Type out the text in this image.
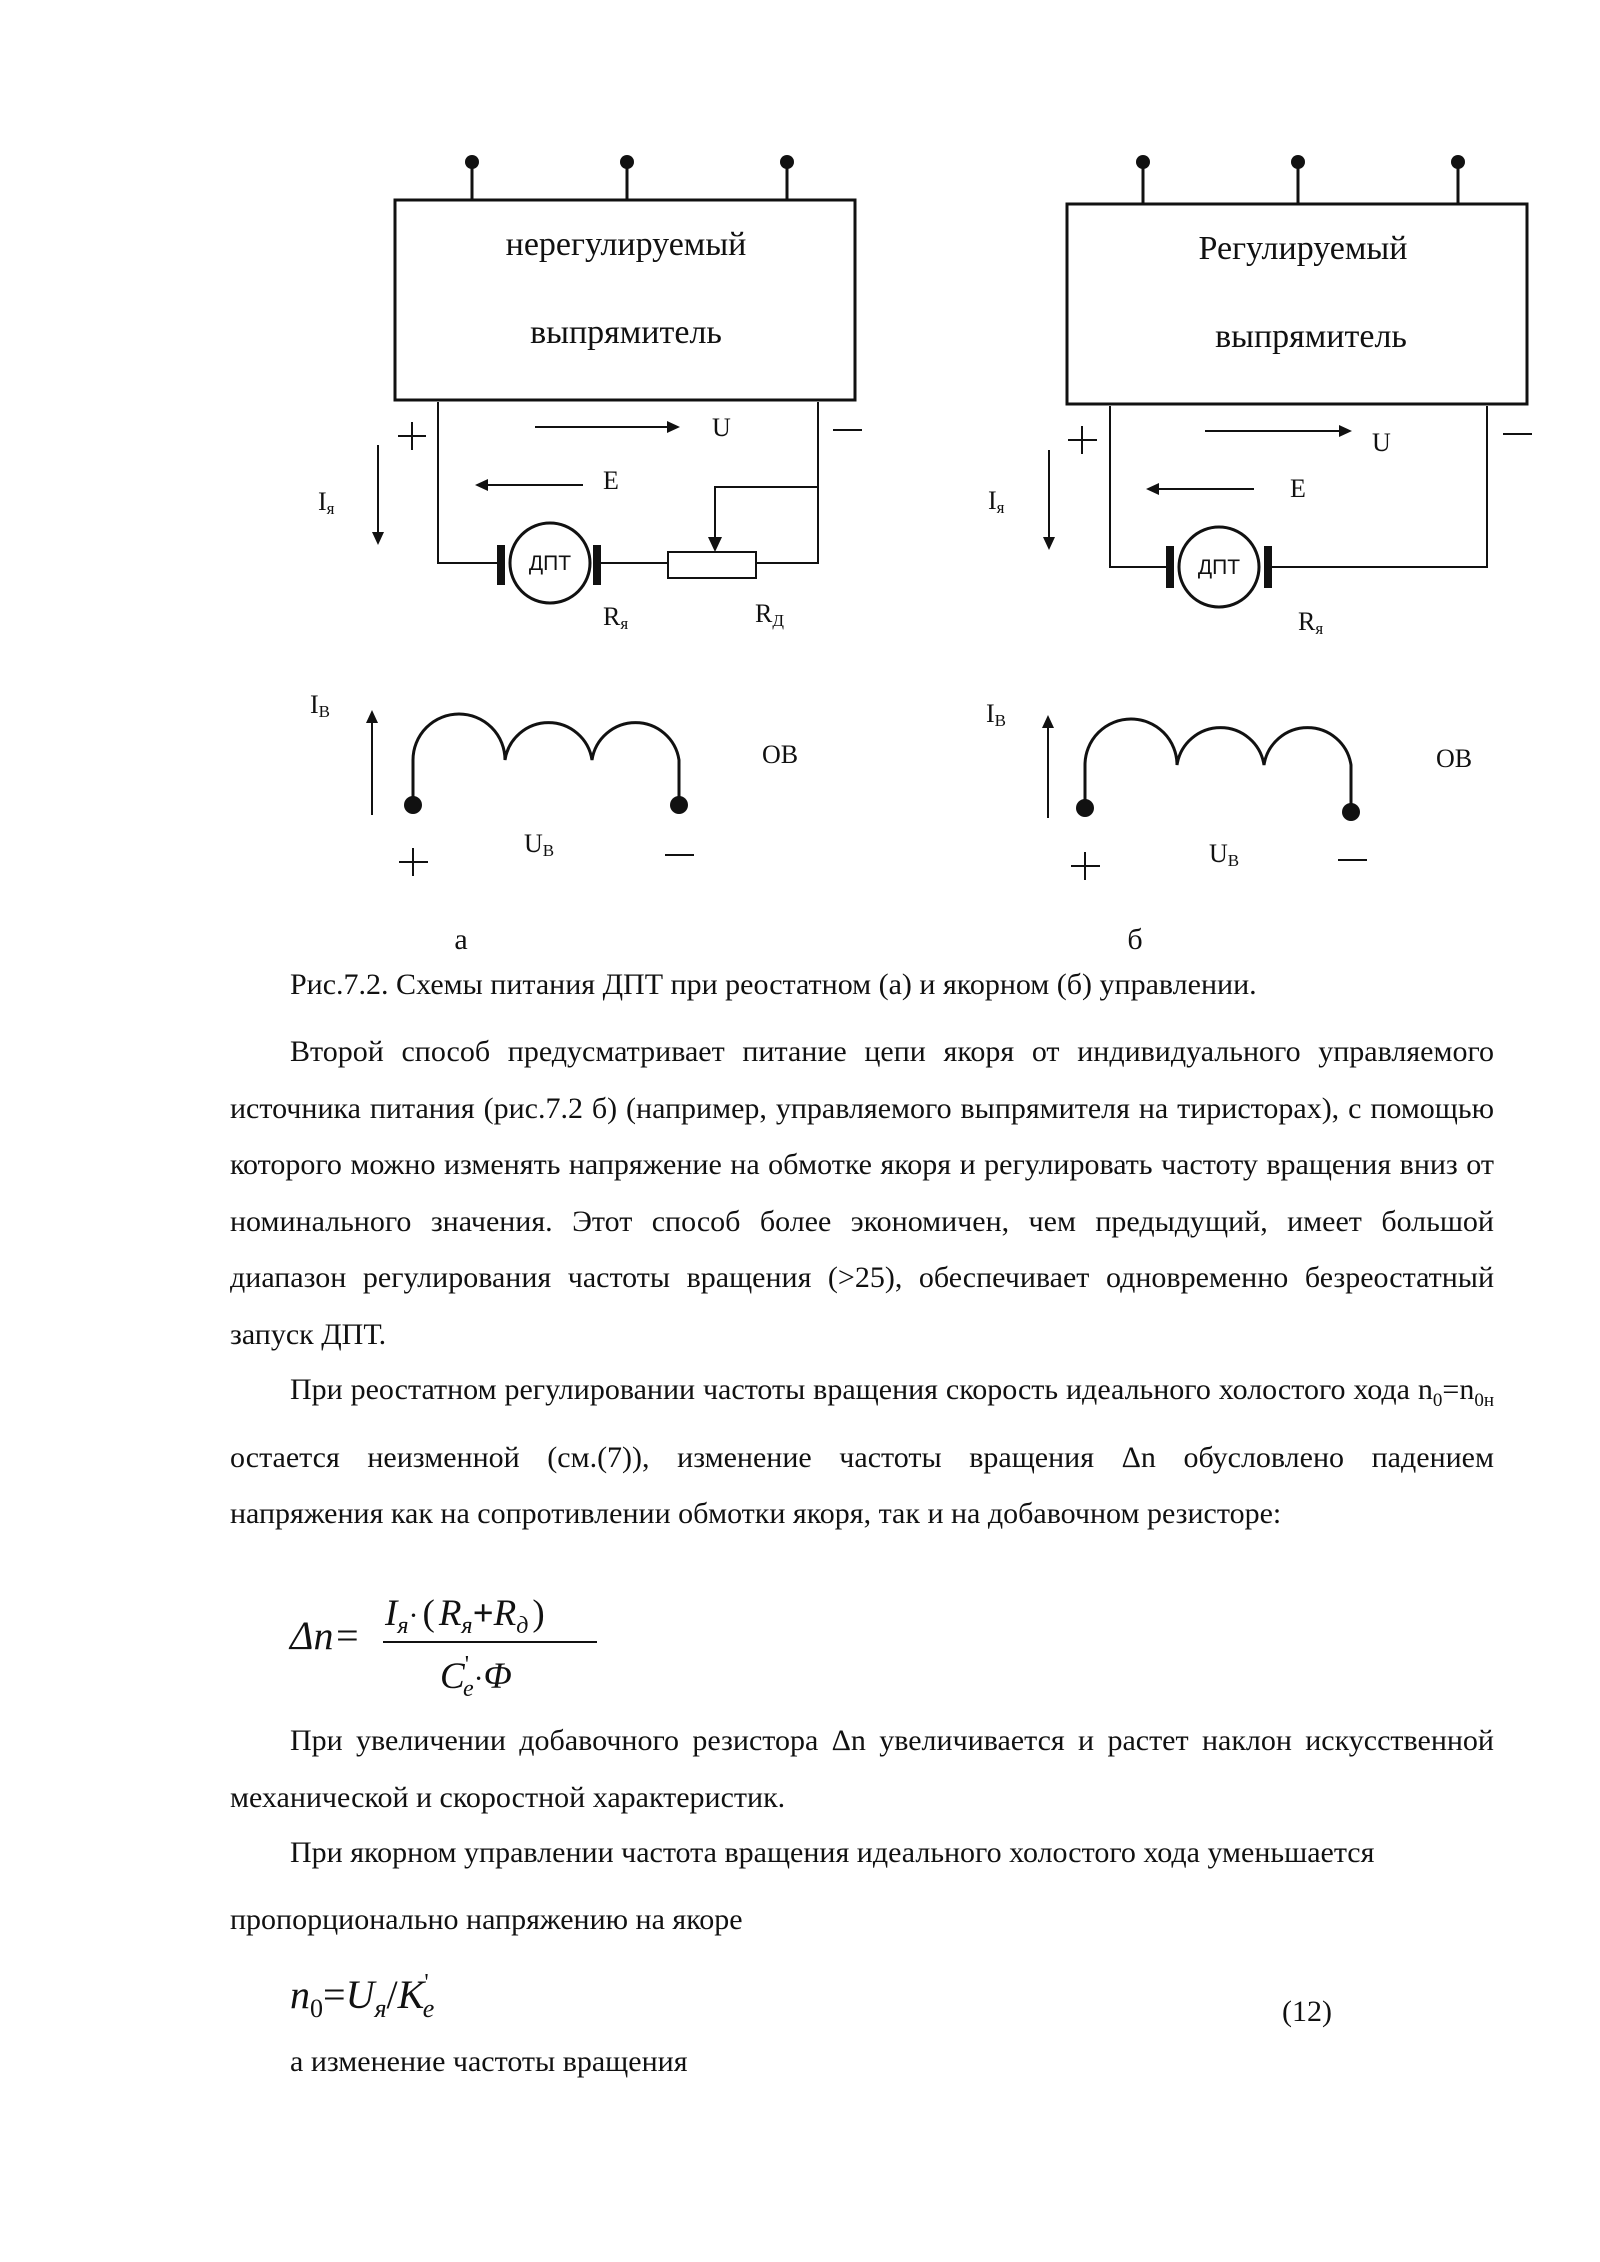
нерегулируемый
выпрямитель
U
E
Iя
Rя	RД
IВ
ОВ
UВ
а
Регулируемый
выпрямитель
U
E
Iя
Rя
IВ
ОВ
UВ
б
ДПТ	ДПТ
Рис.7.2. Схемы питания ДПТ при реостатном (а) и якорном (б) управлении.

Второй способ предусматривает питание цепи якоря от индивидуального управляемого источника питания (рис.7.2 б) (например, управляемого выпрямителя на тиристорах), с помощью которого можно изменять напряжение на обмотке якоря и регулировать частоту вращения вниз от номинального значения. Этот способ более экономичен, чем предыдущий, имеет большой диапазон регулирования частоты вращения (>25), обеспечивает одновременно безреостатный запуск ДПТ.

При реостатном регулировании частоты вращения скорость идеального холостого хода $n_0=n_{0н}$ остается неизменной (см.(7)), изменение частоты вращения Δn обусловлено падением напряжения как на сопротивлении обмотки якоря, так и на добавочном резисторе:

$\Delta n= I_я^\cdot$ ( $R_я+R_д$ )
C' e·Φ

При увеличении добавочного резистора Δn увеличивается и растет наклон искусственной механической и скоростной характеристик.

При якорном управлении частота вращения идеального холостого хода уменьшается

пропорционально напряжению на якоре
$n_0=U_я/K'$ e	(12)
а изменение частоты вращения
